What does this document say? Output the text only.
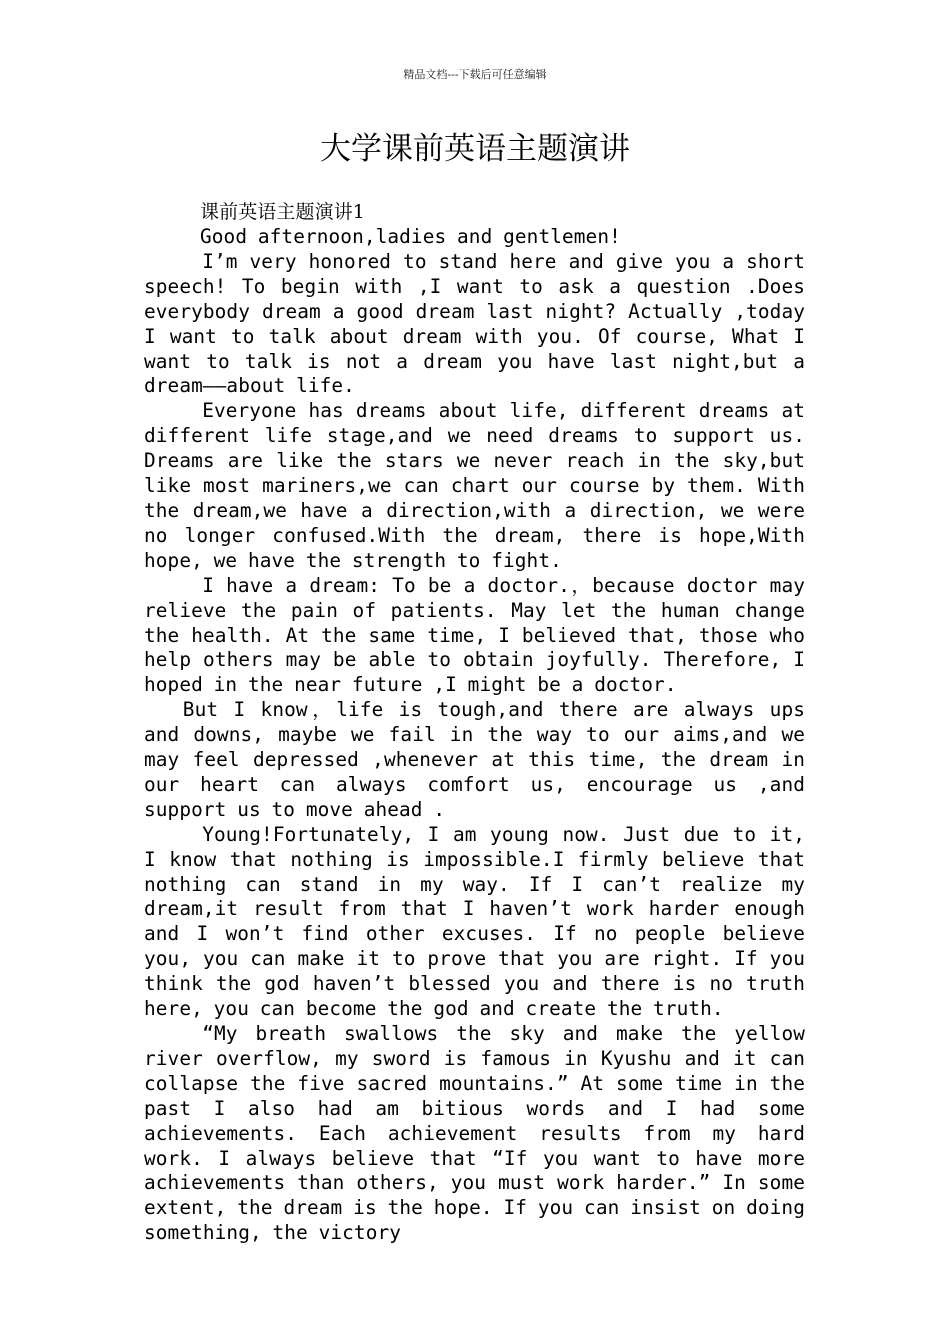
精品文档---下载后可任意编辑
大学课前英语主题演讲
课前英语主题演讲1

Good afternoon,ladies and gentlemen!

I’m very honored to stand here and give you a short speech! To begin with ,I want to ask a question .Does everybody dream a good dream last night? Actually ,today I want to talk about dream with you. Of course, What I want to talk is not a dream you have last night,but a dream——about life.

Everyone has dreams about life, different dreams at different life stage,and we need dreams to support us. Dreams are like the stars we never reach in the sky,but like most mariners,we can chart our course by them. With the dream,we have a direction,with a direction, we were no longer confused.With the dream, there is hope,With hope, we have the strength to fight.

I have a dream: To be a doctor.，because doctor may relieve the pain of patients. May let the human change the health. At the same time, I believed that, those who help others may be able to obtain joyfully. Therefore, I hoped in the near future ,I might be a doctor.

But I know，life is tough,and there are always ups and downs, maybe we fail in the way to our aims,and we may feel depressed ,whenever at this time, the dream in our heart can always comfort us, encourage us ,and support us to move ahead .

Young!Fortunately, I am young now. Just due to it, I know that nothing is impossible.I firmly believe that nothing can stand in my way. If I can’t realize my dream,it result from that I haven’t work harder enough and I won’t find other excuses. If no people believe you, you can make it to prove that you are right. If you think the god haven’t blessed you and there is no truth here, you can become the god and create the truth.

“My breath swallows the sky and make the yellow river overflow, my sword is famous in Kyushu and it can collapse the five sacred mountains.” At some time in the past I also had am bitious words and I had some achievements. Each achievement results from my hard work. I always believe that “If you want to have more achievements than others, you must work harder.” In some extent, the dream is the hope. If you can insist on doing something, the victory
